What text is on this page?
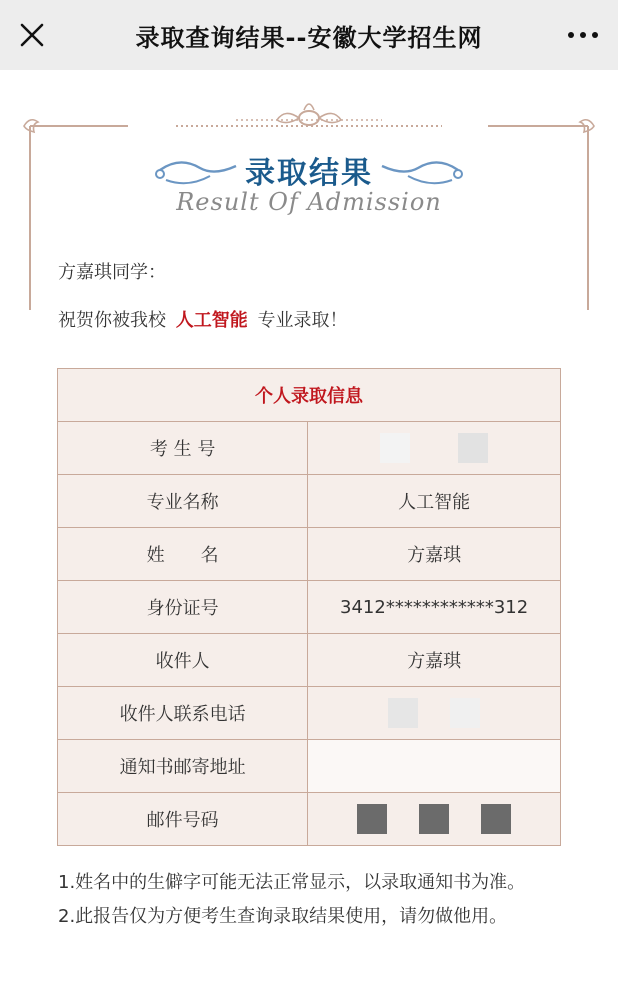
录取查询结果--安徽大学招生网
录取结果
Result Of Admission
方嘉琪同学：
祝贺你被我校 人工智能 专业录取！
个人录取信息	
考 生 号	
专业名称	人工智能
姓　　名	方嘉琪
身份证号	3412************312
收件人	方嘉琪
收件人联系电话	
通知书邮寄地址	
邮件号码	
1.姓名中的生僻字可能无法正常显示，以录取通知书为准。
2.此报告仅为方便考生查询录取结果使用，请勿做他用。
